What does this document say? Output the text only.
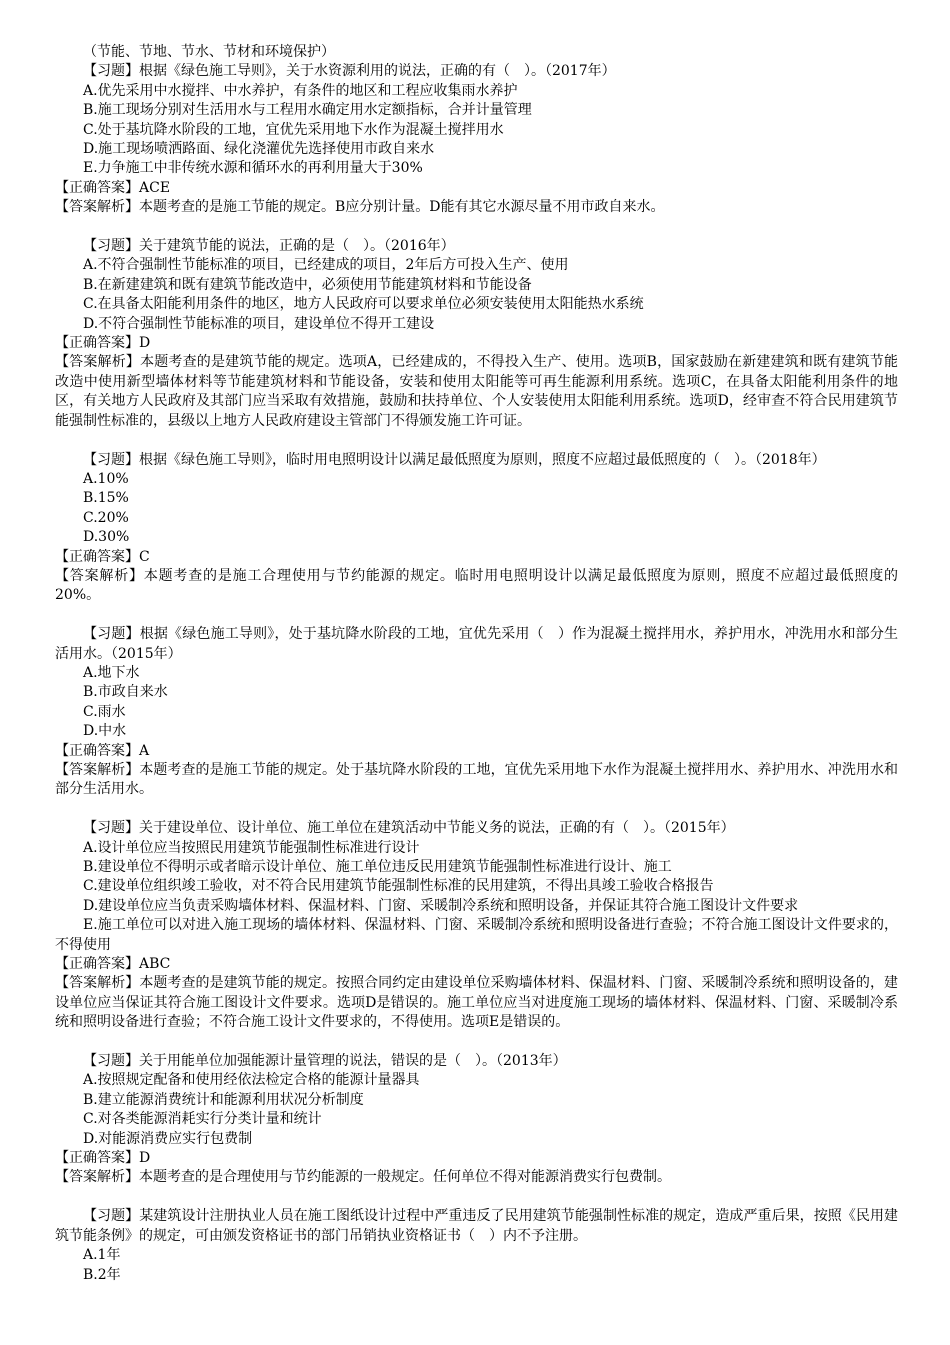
（节能、节地、节水、节材和环境保护）
【习题】根据《绿色施工导则》，关于水资源利用的说法，正确的有（　）。（2017年）
A.优先采用中水搅拌、中水养护，有条件的地区和工程应收集雨水养护
B.施工现场分别对生活用水与工程用水确定用水定额指标，合并计量管理
C.处于基坑降水阶段的工地，宜优先采用地下水作为混凝土搅拌用水
D.施工现场喷洒路面、绿化浇灌优先选择使用市政自来水
E.力争施工中非传统水源和循环水的再利用量大于30%
【正确答案】ACE
【答案解析】本题考查的是施工节能的规定。B应分别计量。D能有其它水源尽量不用市政自来水。
【习题】关于建筑节能的说法，正确的是（　）。（2016年）
A.不符合强制性节能标准的项目，已经建成的项目，2年后方可投入生产、使用
B.在新建建筑和既有建筑节能改造中，必须使用节能建筑材料和节能设备
C.在具备太阳能利用条件的地区，地方人民政府可以要求单位必须安装使用太阳能热水系统
D.不符合强制性节能标准的项目，建设单位不得开工建设
【正确答案】D
【答案解析】本题考查的是建筑节能的规定。选项A，已经建成的，不得投入生产、使用。选项B，国家鼓励在新建建筑和既有建筑节能改造中使用新型墙体材料等节能建筑材料和节能设备，安装和使用太阳能等可再生能源利用系统。选项C，在具备太阳能利用条件的地区，有关地方人民政府及其部门应当采取有效措施，鼓励和扶持单位、个人安装使用太阳能利用系统。选项D，经审查不符合民用建筑节能强制性标准的，县级以上地方人民政府建设主管部门不得颁发施工许可证。
【习题】根据《绿色施工导则》，临时用电照明设计以满足最低照度为原则，照度不应超过最低照度的（　）。（2018年）
A.10%
B.15%
C.20%
D.30%
【正确答案】C
【答案解析】本题考查的是施工合理使用与节约能源的规定。临时用电照明设计以满足最低照度为原则，照度不应超过最低照度的20%。
【习题】根据《绿色施工导则》，处于基坑降水阶段的工地，宜优先采用（　）作为混凝土搅拌用水，养护用水，冲洗用水和部分生活用水。（2015年）
A.地下水
B.市政自来水
C.雨水
D.中水
【正确答案】A
【答案解析】本题考查的是施工节能的规定。处于基坑降水阶段的工地，宜优先采用地下水作为混凝土搅拌用水、养护用水、冲洗用水和部分生活用水。
【习题】关于建设单位、设计单位、施工单位在建筑活动中节能义务的说法，正确的有（　）。（2015年）
A.设计单位应当按照民用建筑节能强制性标准进行设计
B.建设单位不得明示或者暗示设计单位、施工单位违反民用建筑节能强制性标准进行设计、施工
C.建设单位组织竣工验收，对不符合民用建筑节能强制性标准的民用建筑，不得出具竣工验收合格报告
D.建设单位应当负责采购墙体材料、保温材料、门窗、采暖制冷系统和照明设备，并保证其符合施工图设计文件要求
E.施工单位可以对进入施工现场的墙体材料、保温材料、门窗、采暖制冷系统和照明设备进行查验；不符合施工图设计文件要求的，不得使用
【正确答案】ABC
【答案解析】本题考查的是建筑节能的规定。按照合同约定由建设单位采购墙体材料、保温材料、门窗、采暖制冷系统和照明设备的，建设单位应当保证其符合施工图设计文件要求。选项D是错误的。施工单位应当对进度施工现场的墙体材料、保温材料、门窗、采暖制冷系统和照明设备进行查验；不符合施工设计文件要求的，不得使用。选项E是错误的。
【习题】关于用能单位加强能源计量管理的说法，错误的是（　）。（2013年）
A.按照规定配备和使用经依法检定合格的能源计量器具
B.建立能源消费统计和能源利用状况分析制度
C.对各类能源消耗实行分类计量和统计
D.对能源消费应实行包费制
【正确答案】D
【答案解析】本题考查的是合理使用与节约能源的一般规定。任何单位不得对能源消费实行包费制。
【习题】某建筑设计注册执业人员在施工图纸设计过程中严重违反了民用建筑节能强制性标准的规定，造成严重后果，按照《民用建筑节能条例》的规定，可由颁发资格证书的部门吊销执业资格证书（　）内不予注册。
A.1年
B.2年
